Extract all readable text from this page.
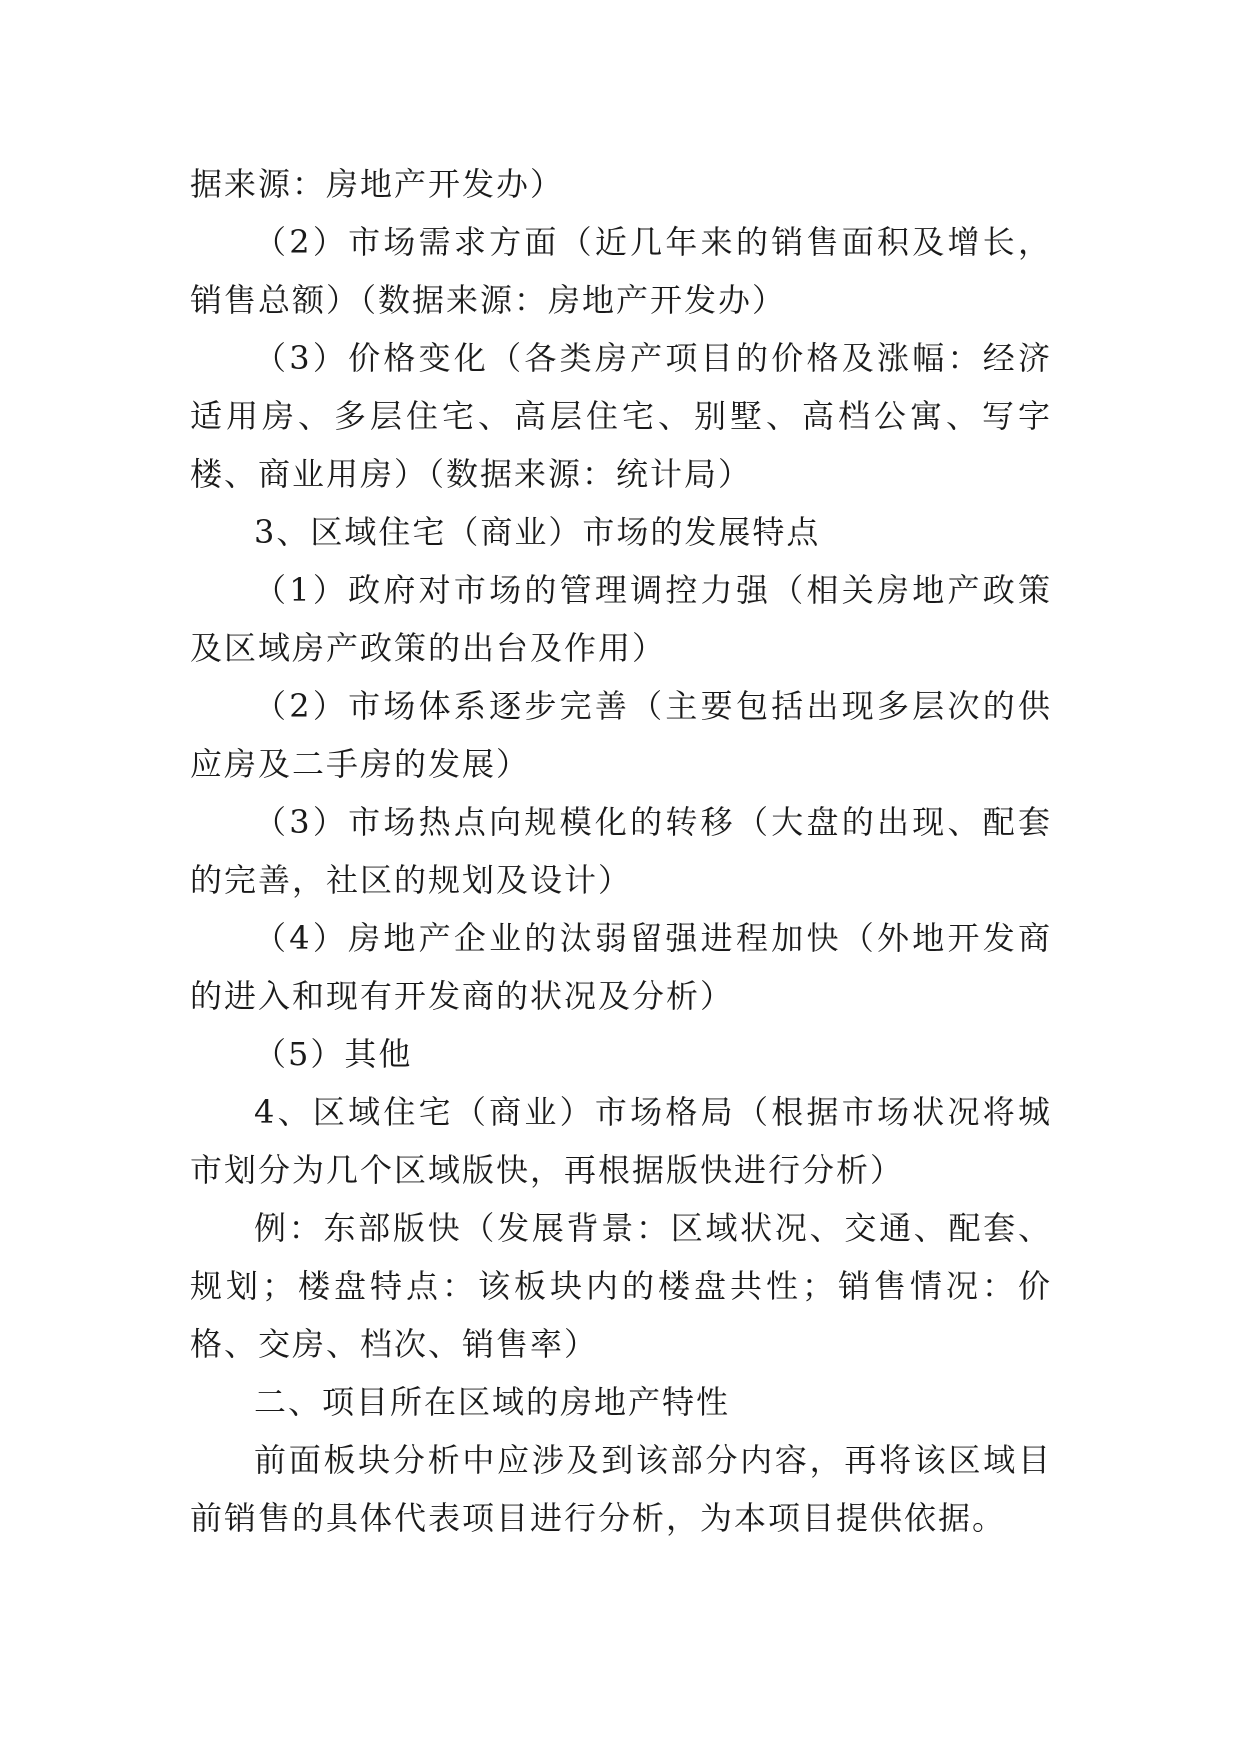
据来源：房地产开发办）

（2）市场需求方面（近几年来的销售面积及增长，销售总额）（数据来源：房地产开发办）

（3）价格变化（各类房产项目的价格及涨幅：经济适用房、多层住宅、高层住宅、别墅、高档公寓、写字楼、商业用房）（数据来源：统计局）

3、区域住宅（商业）市场的发展特点

（1）政府对市场的管理调控力强（相关房地产政策及区域房产政策的出台及作用）

（2）市场体系逐步完善（主要包括出现多层次的供应房及二手房的发展）

（3）市场热点向规模化的转移（大盘的出现、配套的完善，社区的规划及设计）

（4）房地产企业的汰弱留强进程加快（外地开发商的进入和现有开发商的状况及分析）

（5）其他

4、区域住宅（商业）市场格局（根据市场状况将城市划分为几个区域版快，再根据版快进行分析）

例：东部版快（发展背景：区域状况、交通、配套、规划；楼盘特点：该板块内的楼盘共性；销售情况：价格、交房、档次、销售率）

二、项目所在区域的房地产特性

前面板块分析中应涉及到该部分内容，再将该区域目前销售的具体代表项目进行分析，为本项目提供依据。
